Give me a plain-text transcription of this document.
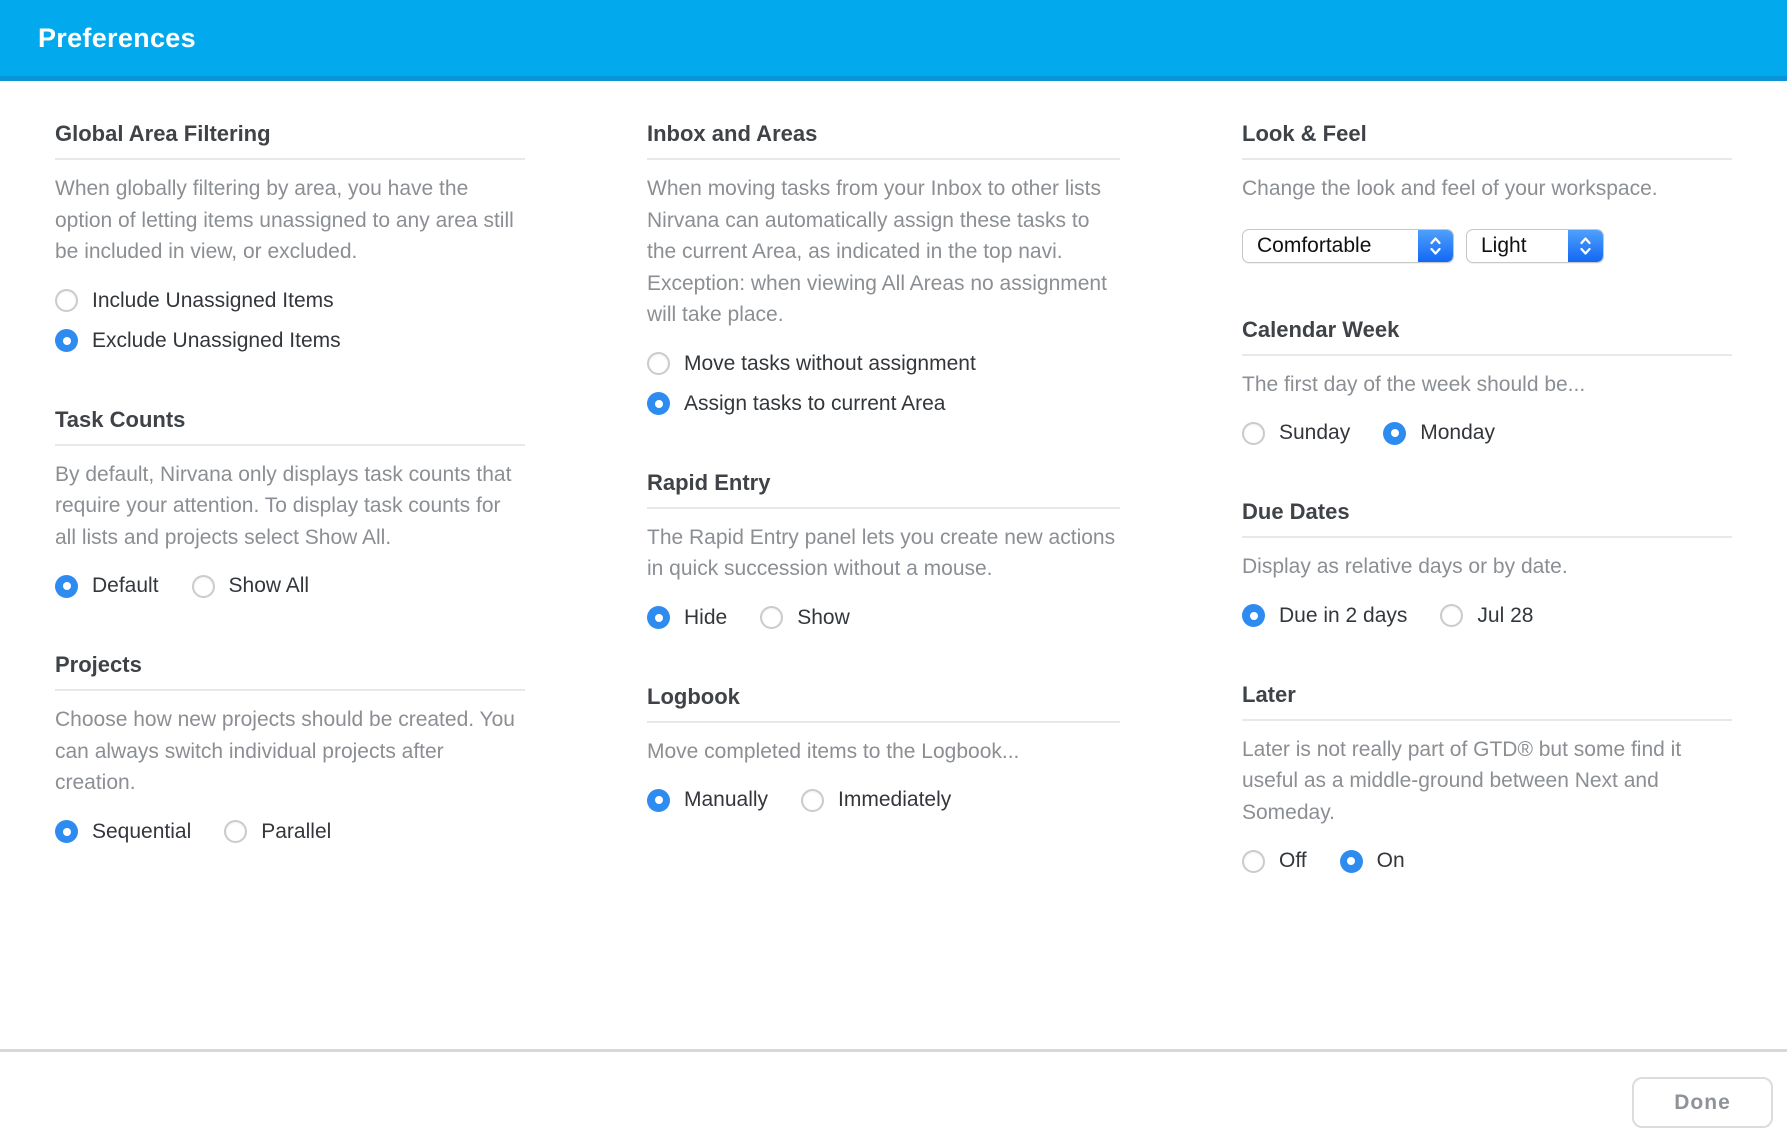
Preferences
Global Area Filtering

When globally filtering by area, you have the option of letting items unassigned to any area still be included in view, or excluded.

Include Unassigned Items
Exclude Unassigned Items
Task Counts

By default, Nirvana only displays task counts that require your attention. To display task counts for all lists and projects select Show All.

Default	Show All
Projects

Choose how new projects should be created. You can always switch individual projects after creation.

Sequential	Parallel
Inbox and Areas

When moving tasks from your Inbox to other lists Nirvana can automatically assign these tasks to the current Area, as indicated in the top navi. Exception: when viewing All Areas no assignment will take place.

Move tasks without assignment
Assign tasks to current Area
Rapid Entry

The Rapid Entry panel lets you create new actions in quick succession without a mouse.

Hide	Show
Logbook

Move completed items to the Logbook...

Manually	Immediately
Look & Feel

Change the look and feel of your workspace.

Comfortable	Light
Calendar Week

The first day of the week should be...

Sunday	Monday
Due Dates

Display as relative days or by date.

Due in 2 days	Jul 28
Later

Later is not really part of GTD® but some find it useful as a middle-ground between Next and Someday.

Off	On
Done
